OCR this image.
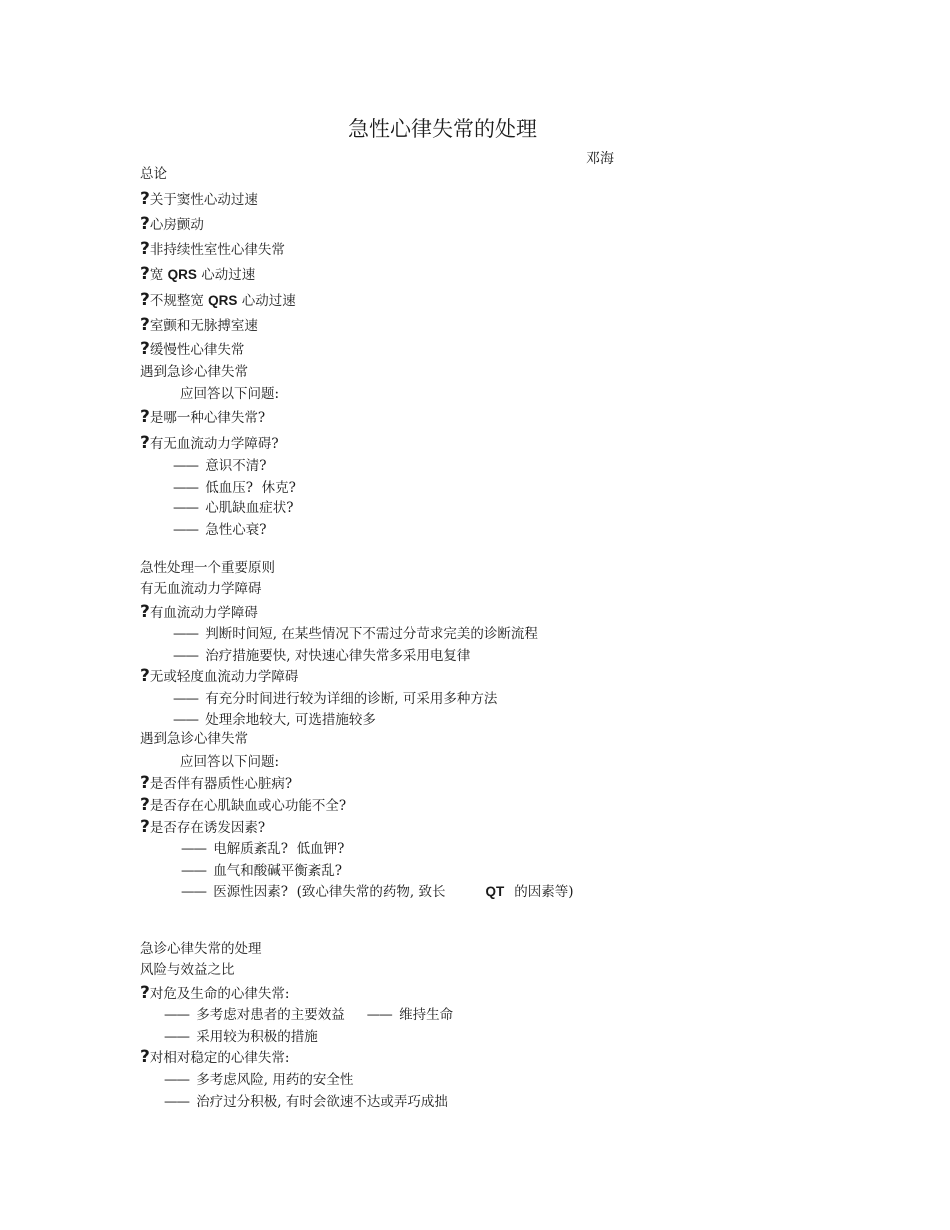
急性心律失常的处理
邓海
总论
?关于窦性心动过速
?心房颤动
?非持续性室性心律失常
?宽 QRS 心动过速
?不规整宽 QRS 心动过速
?室颤和无脉搏室速
?缓慢性心律失常
遇到急诊心律失常
应回答以下问题:
?是哪一种心律失常?
?有无血流动力学障碍?
—— 意识不清?
—— 低血压?  休克?
—— 心肌缺血症状?
—— 急性心衰?
急性处理一个重要原则
有无血流动力学障碍
?有血流动力学障碍
—— 判断时间短, 在某些情况下不需过分苛求完美的诊断流程
—— 治疗措施要快, 对快速心律失常多采用电复律
?无或轻度血流动力学障碍
—— 有充分时间进行较为详细的诊断, 可采用多种方法
—— 处理余地较大, 可选措施较多
遇到急诊心律失常
应回答以下问题:
?是否伴有器质性心脏病?
?是否存在心肌缺血或心功能不全?
?是否存在诱发因素?
—— 电解质紊乱?  低血钾?
—— 血气和酸碱平衡紊乱?
—— 医源性因素?  (致心律失常的药物, 致长	QT 的因素等)
急诊心律失常的处理
风险与效益之比
?对危及生命的心律失常:
—— 多考虑对患者的主要效益 —— 维持生命
—— 采用较为积极的措施
?对相对稳定的心律失常:
—— 多考虑风险, 用药的安全性
—— 治疗过分积极, 有时会欲速不达或弄巧成拙
